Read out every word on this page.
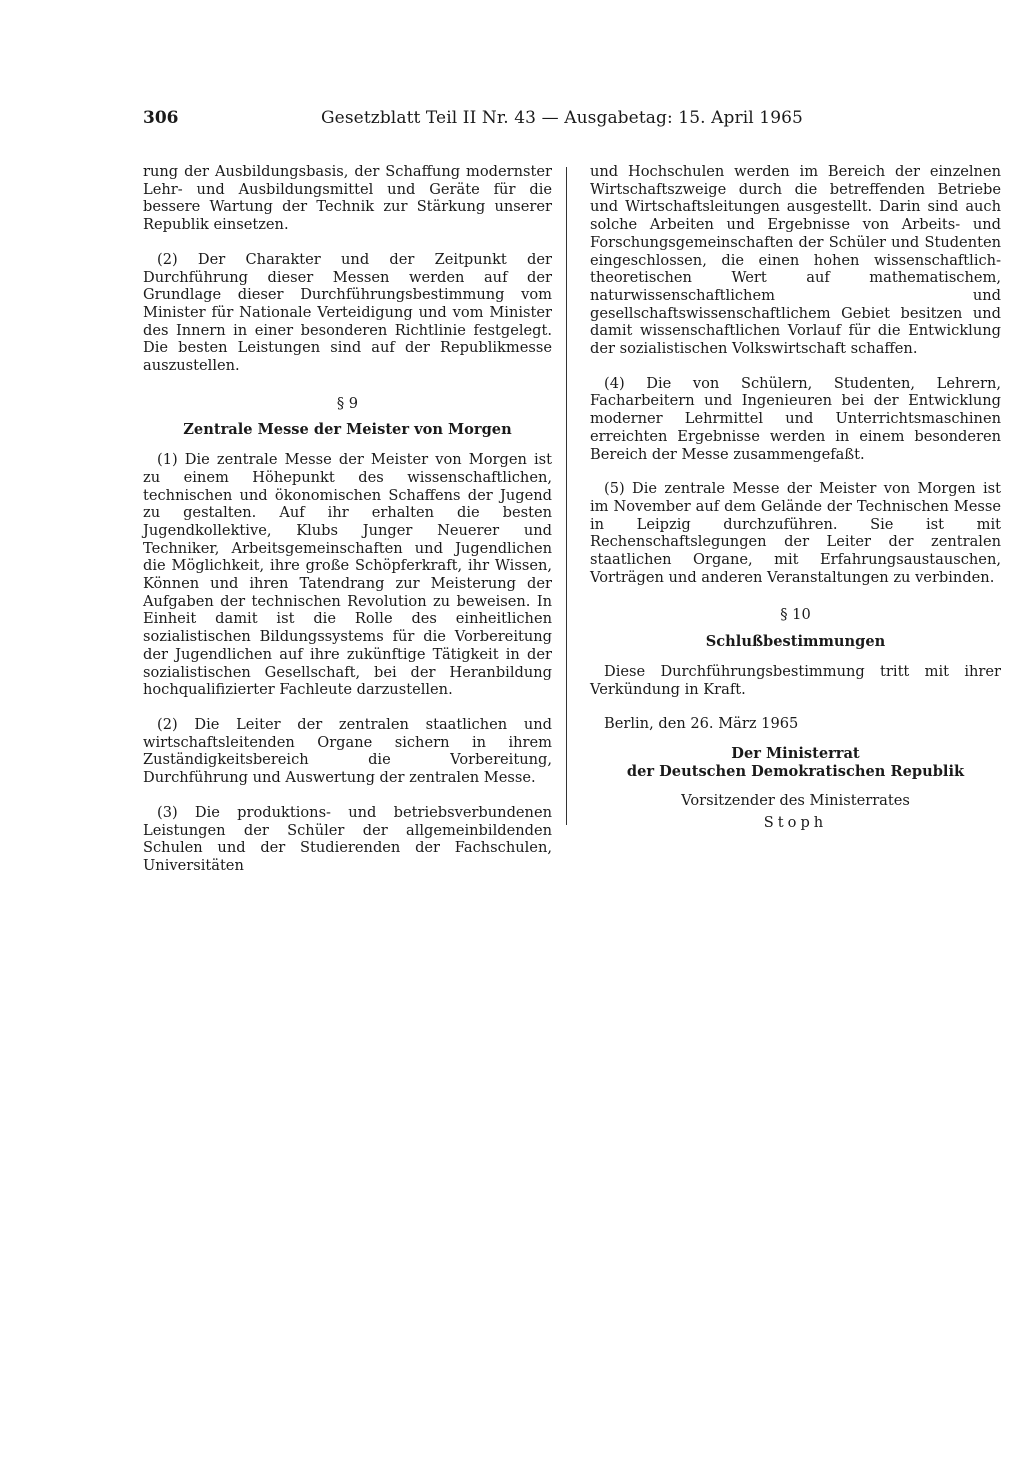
306	Gesetzblatt Teil II Nr. 43 — Ausgabetag: 15. April 1965

rung der Ausbildungsbasis, der Schaffung modernster Lehr- und Ausbildungsmittel und Geräte für die bessere Wartung der Technik zur Stärkung unserer Republik einsetzen.

(2) Der Charakter und der Zeitpunkt der Durchführung dieser Messen werden auf der Grundlage dieser Durchführungsbestimmung vom Minister für Nationale Verteidigung und vom Minister des Innern in einer besonderen Richtlinie festgelegt. Die besten Leistungen sind auf der Republikmesse auszustellen.

§ 9
Zentrale Messe der Meister von Morgen

(1) Die zentrale Messe der Meister von Morgen ist zu einem Höhepunkt des wissenschaftlichen, technischen und ökonomischen Schaffens der Jugend zu gestalten. Auf ihr erhalten die besten Jugendkollektive, Klubs Junger Neuerer und Techniker, Arbeitsgemeinschaften und Jugendlichen die Möglichkeit, ihre große Schöpferkraft, ihr Wissen, Können und ihren Tatendrang zur Meisterung der Aufgaben der technischen Revolution zu beweisen. In Einheit damit ist die Rolle des einheitlichen sozialistischen Bildungssystems für die Vorbereitung der Jugendlichen auf ihre zukünftige Tätigkeit in der sozialistischen Gesellschaft, bei der Heranbildung hochqualifizierter Fachleute darzustellen.

(2) Die Leiter der zentralen staatlichen und wirtschaftsleitenden Organe sichern in ihrem Zuständigkeitsbereich die Vorbereitung, Durchführung und Auswertung der zentralen Messe.

(3) Die produktions- und betriebsverbundenen Leistungen der Schüler der allgemeinbildenden Schulen und der Studierenden der Fachschulen, Universitäten

und Hochschulen werden im Bereich der einzelnen Wirtschaftszweige durch die betreffenden Betriebe und Wirtschaftsleitungen ausgestellt. Darin sind auch solche Arbeiten und Ergebnisse von Arbeits- und Forschungsgemeinschaften der Schüler und Studenten eingeschlossen, die einen hohen wissenschaftlich-theoretischen Wert auf mathematischem, naturwissenschaftlichem und gesellschaftswissenschaftlichem Gebiet besitzen und damit wissenschaftlichen Vorlauf für die Entwicklung der sozialistischen Volkswirtschaft schaffen.

(4) Die von Schülern, Studenten, Lehrern, Facharbeitern und Ingenieuren bei der Entwicklung moderner Lehrmittel und Unterrichtsmaschinen erreichten Ergebnisse werden in einem besonderen Bereich der Messe zusammengefaßt.

(5) Die zentrale Messe der Meister von Morgen ist im November auf dem Gelände der Technischen Messe in Leipzig durchzuführen. Sie ist mit Rechenschaftslegungen der Leiter der zentralen staatlichen Organe, mit Erfahrungsaustauschen, Vorträgen und anderen Veranstaltungen zu verbinden.

§ 10
Schlußbestimmungen

Diese Durchführungsbestimmung tritt mit ihrer Verkündung in Kraft.

Berlin, den 26. März 1965
Der Ministerrat
der Deutschen Demokratischen Republik
Vorsitzender des Ministerrates
Stoph
